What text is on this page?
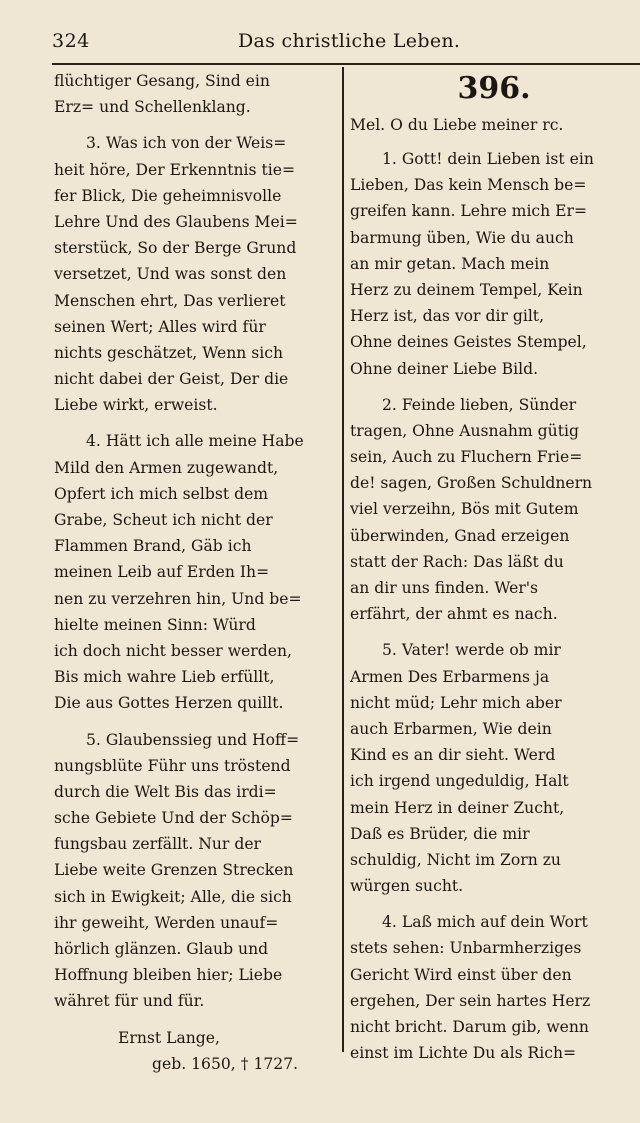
324	Das christliche Leben.
flüchtiger Gesang, Sind ein
Erz= und Schellenklang.
3. Was ich von der Weis=
heit höre, Der Erkenntnis tie=
fer Blick, Die geheimnisvolle
Lehre Und des Glaubens Mei=
sterstück, So der Berge Grund
versetzet, Und was sonst den
Menschen ehrt, Das verlieret
seinen Wert; Alles wird für
nichts geschätzet, Wenn sich
nicht dabei der Geist, Der die
Liebe wirkt, erweist.
4. Hätt ich alle meine Habe
Mild den Armen zugewandt,
Opfert ich mich selbst dem
Grabe, Scheut ich nicht der
Flammen Brand, Gäb ich
meinen Leib auf Erden Ih=
nen zu verzehren hin, Und be=
hielte meinen Sinn: Würd
ich doch nicht besser werden,
Bis mich wahre Lieb erfüllt,
Die aus Gottes Herzen quillt.
5. Glaubenssieg und Hoff=
nungsblüte Führ uns tröstend
durch die Welt Bis das irdi=
sche Gebiete Und der Schöp=
fungsbau zerfällt. Nur der
Liebe weite Grenzen Strecken
sich in Ewigkeit; Alle, die sich
ihr geweiht, Werden unauf=
hörlich glänzen. Glaub und
Hoffnung bleiben hier; Liebe
währet für und für.
Ernst Lange,
geb. 1650, † 1727.
396.
Mel. O du Liebe meiner rc.
1. Gott! dein Lieben ist ein
Lieben, Das kein Mensch be=
greifen kann. Lehre mich Er=
barmung üben, Wie du auch
an mir getan. Mach mein
Herz zu deinem Tempel, Kein
Herz ist, das vor dir gilt,
Ohne deines Geistes Stempel,
Ohne deiner Liebe Bild.
2. Feinde lieben, Sünder
tragen, Ohne Ausnahm gütig
sein, Auch zu Fluchern Frie=
de! sagen, Großen Schuldnern
viel verzeihn, Bös mit Gutem
überwinden, Gnad erzeigen
statt der Rach: Das läßt du
an dir uns finden. Wer's
erfährt, der ahmt es nach.
5. Vater! werde ob mir
Armen Des Erbarmens ja
nicht müd; Lehr mich aber
auch Erbarmen, Wie dein
Kind es an dir sieht. Werd
ich irgend ungeduldig, Halt
mein Herz in deiner Zucht,
Daß es Brüder, die mir
schuldig, Nicht im Zorn zu
würgen sucht.
4. Laß mich auf dein Wort
stets sehen: Unbarmherziges
Gericht Wird einst über den
ergehen, Der sein hartes Herz
nicht bricht. Darum gib, wenn
einst im Lichte Du als Rich=
